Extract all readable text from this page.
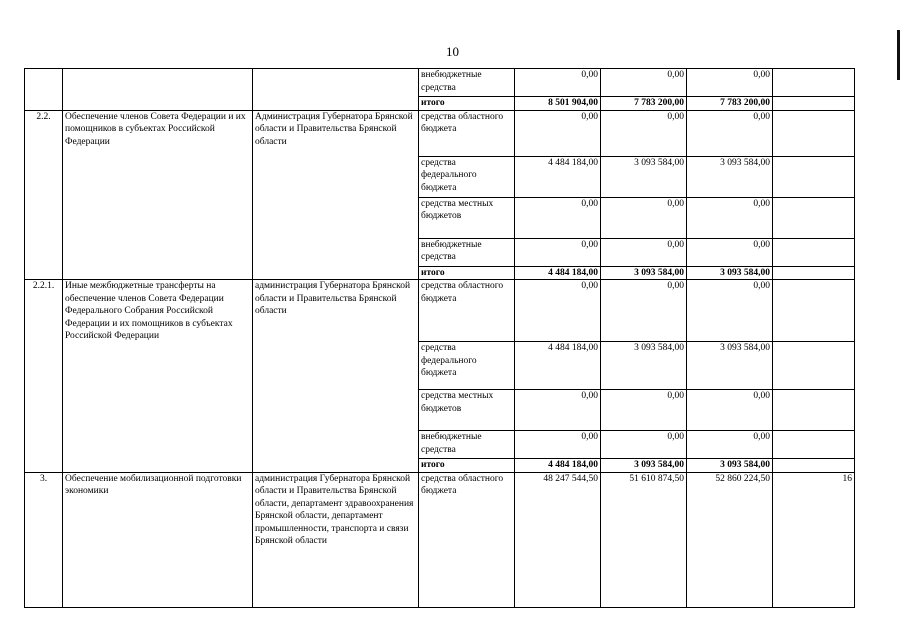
10
			внебюджетные средства	0,00	0,00	0,00	
			итого	8 501 904,00	7 783 200,00	7 783 200,00	
2.2.	Обеспечение членов Совета Федерации и их помощников в субъектах Российской Федерации	Администрация Губернатора Брянской области и Правительства Брянской области	средства областного бюджета	0,00	0,00	0,00	
			средства федерального бюджета	4 484 184,00	3 093 584,00	3 093 584,00	
			средства местных бюджетов	0,00	0,00	0,00	
			внебюджетные средства	0,00	0,00	0,00	
			итого	4 484 184,00	3 093 584,00	3 093 584,00	
2.2.1.	Иные межбюджетные трансферты на обеспечение членов Совета Федерации Федерального Собрания Российской Федерации и их помощников в субъектах Российской Федерации	администрация Губернатора Брянской области и Правительства Брянской области	средства областного бюджета	0,00	0,00	0,00	
			средства федерального бюджета	4 484 184,00	3 093 584,00	3 093 584,00	
			средства местных бюджетов	0,00	0,00	0,00	
			внебюджетные средства	0,00	0,00	0,00	
			итого	4 484 184,00	3 093 584,00	3 093 584,00	
3.	Обеспечение мобилизационной подготовки экономики	администрация Губернатора Брянской области и Правительства Брянской области, департамент здравоохранения Брянской области, департамент промышленности, транспорта и связи Брянской области	средства областного бюджета	48 247 544,50	51 610 874,50	52 860 224,50	16
